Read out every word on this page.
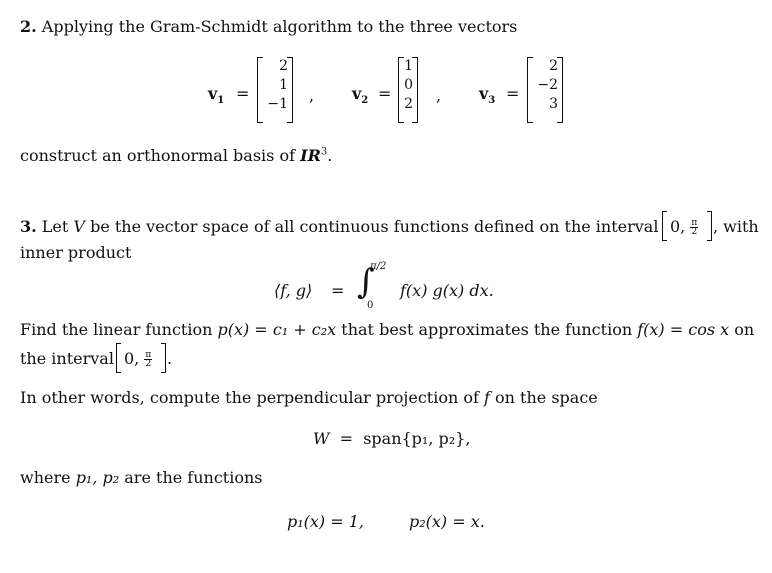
2. Applying the Gram-Schmidt algorithm to the three vectors
$v_1$ =
2
1
−1 , $v_2$ =
1
0
2 , $v_3$ =
2
−2
3
construct an orthonormal basis of $IR^3$.
3. Let V be the vector space of all continuous functions defined on the interval 0, $\frac{\pi}{2}$ , with
inner product
⟨f, g⟩ = ∫
π/2
0
f(x) g(x) dx.
Find the linear function p(x) = c₁ + c₂x that best approximates the function f(x) = cos x on
the interval 0, $\frac{\pi}{2}$ .
In other words, compute the perpendicular projection of f on the space
W = span{p₁, p₂},
where p₁, p₂ are the functions
p₁(x) = 1,	p₂(x) = x.
